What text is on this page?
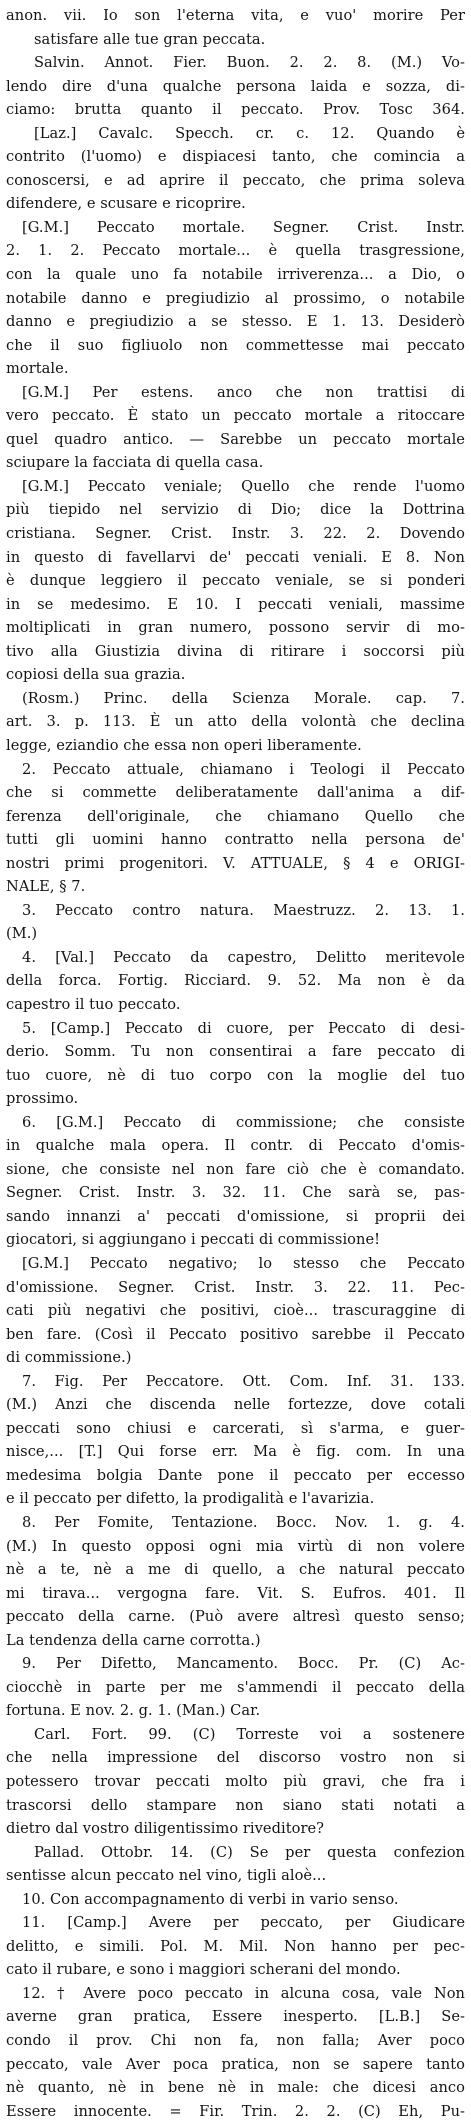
anon. vii. Io son l'eterna vita, e vuo' morire Per
satisfare alle tue gran peccata.
Salvin. Annot. Fier. Buon. 2. 2. 8. (M.) Vo-
lendo dire d'una qualche persona laida e sozza, di-
ciamo: brutta quanto il peccato. Prov. Tosc 364.
[Laz.] Cavalc. Specch. cr. c. 12. Quando è
contrito (l'uomo) e dispiacesi tanto, che comincia a
conoscersi, e ad aprire il peccato, che prima soleva
difendere, e scusare e ricoprire.
[G.M.] Peccato mortale. Segner. Crist. Instr.
2. 1. 2. Peccato mortale... è quella trasgressione,
con la quale uno fa notabile irriverenza... a Dio, o
notabile danno e pregiudizio al prossimo, o notabile
danno e pregiudizio a se stesso. E 1. 13. Desiderò
che il suo figliuolo non commettesse mai peccato
mortale.
[G.M.] Per estens. anco che non trattisi di
vero peccato. È stato un peccato mortale a ritoccare
quel quadro antico. — Sarebbe un peccato mortale
sciupare la facciata di quella casa.
[G.M.] Peccato veniale; Quello che rende l'uomo
più tiepido nel servizio di Dio; dice la Dottrina
cristiana. Segner. Crist. Instr. 3. 22. 2. Dovendo
in questo di favellarvi de' peccati veniali. E 8. Non
è dunque leggiero il peccato veniale, se si ponderi
in se medesimo. E 10. I peccati veniali, massime
moltiplicati in gran numero, possono servir di mo-
tivo alla Giustizia divina di ritirare i soccorsi più
copiosi della sua grazia.
(Rosm.) Princ. della Scienza Morale. cap. 7.
art. 3. p. 113. È un atto della volontà che declina
legge, eziandio che essa non operi liberamente.
2. Peccato attuale, chiamano i Teologi il Peccato
che si commette deliberatamente dall'anima a dif-
ferenza dell'originale, che chiamano Quello che
tutti gli uomini hanno contratto nella persona de'
nostri primi progenitori. V. ATTUALE, § 4 e ORIGI-
NALE, § 7.
3. Peccato contro natura. Maestruzz. 2. 13. 1.
(M.)
4. [Val.] Peccato da capestro, Delitto meritevole
della forca. Fortig. Ricciard. 9. 52. Ma non è da
capestro il tuo peccato.
5. [Camp.] Peccato di cuore, per Peccato di desi-
derio. Somm. Tu non consentirai a fare peccato di
tuo cuore, nè di tuo corpo con la moglie del tuo
prossimo.
6. [G.M.] Peccato di commissione; che consiste
in qualche mala opera. Il contr. di Peccato d'omis-
sione, che consiste nel non fare ciò che è comandato.
Segner. Crist. Instr. 3. 32. 11. Che sarà se, pas-
sando innanzi a' peccati d'omissione, si proprii dei
giocatori, si aggiungano i peccati di commissione!
[G.M.] Peccato negativo; lo stesso che Peccato
d'omissione. Segner. Crist. Instr. 3. 22. 11. Pec-
cati più negativi che positivi, cioè... trascuraggine di
ben fare. (Così il Peccato positivo sarebbe il Peccato
di commissione.)
7. Fig. Per Peccatore. Ott. Com. Inf. 31. 133.
(M.) Anzi che discenda nelle fortezze, dove cotali
peccati sono chiusi e carcerati, sì s'arma, e guer-
nisce,... [T.] Qui forse err. Ma è fig. com. In una
medesima bolgia Dante pone il peccato per eccesso
e il peccato per difetto, la prodigalità e l'avarizia.
8. Per Fomite, Tentazione. Bocc. Nov. 1. g. 4.
(M.) In questo opposi ogni mia virtù di non volere
nè a te, nè a me di quello, a che natural peccato
mi tirava... vergogna fare. Vit. S. Eufros. 401. Il
peccato della carne. (Può avere altresì questo senso;
La tendenza della carne corrotta.)
9. Per Difetto, Mancamento. Bocc. Pr. (C) Ac-
ciocchè in parte per me s'ammendi il peccato della
fortuna. E nov. 2. g. 1. (Man.) Car.
Carl. Fort. 99. (C) Torreste voi a sostenere
che nella impressione del discorso vostro non si
potessero trovar peccati molto più gravi, che fra i
trascorsi dello stampare non siano stati notati a
dietro dal vostro diligentissimo riveditore?
Pallad. Ottobr. 14. (C) Se per questa confezion
sentisse alcun peccato nel vino, tigli aloè...
10. Con accompagnamento di verbi in vario senso.
11. [Camp.] Avere per peccato, per Giudicare
delitto, e simili. Pol. M. Mil. Non hanno per pec-
cato il rubare, e sono i maggiori scherani del mondo.
12. † Avere poco peccato in alcuna cosa, vale Non
averne gran pratica, Essere inesperto. [L.B.] Se-
condo il prov. Chi non fa, non falla; Aver poco
peccato, vale Aver poca pratica, non se sapere tanto
nè quanto, nè in bene nè in male: che dicesi anco
Essere innocente. = Fir. Trin. 2. 2. (C) Eh, Pu-
